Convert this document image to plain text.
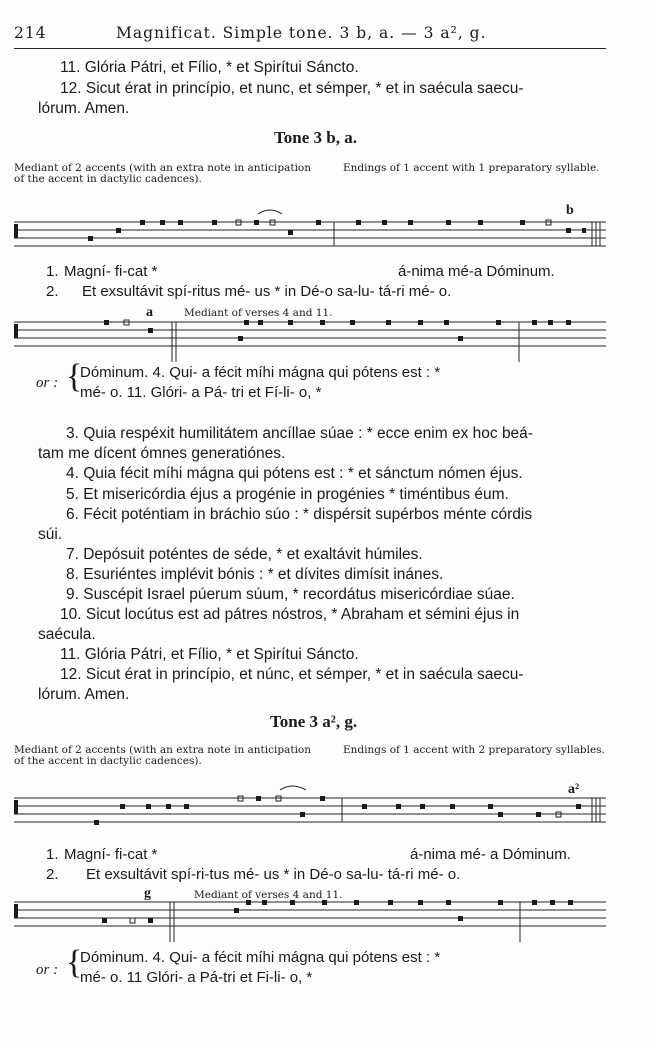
214	Magnificat. Simple tone. 3 b, a. — 3 a², g.
11. Glória Pátri, et Fílio, * et Spirítui Sáncto.
12. Sicut érat in princípio, et nunc, et sémper, * et in saécula saecu-
lórum. Amen.
Tone 3 b, a.
Mediant of 2 accents (with an extra note in anticipation of the accent in dactylic cadences).
Endings of 1 accent with 1 preparatory syllable.
b
1. Magní- fi-cat *	á-nima mé-a Dóminum.
2. Et exsultávit spí-ritus mé- us * in Dé-o sa-lu- tá-ri mé- o.
a	Mediant of verses 4 and 11.
or : {
Dóminum. 4. Qui- a fécit míhi mágna qui pótens est : *
mé- o. 11. Glóri- a Pá- tri et Fí-li- o, *
3. Quia respéxit humilitátem ancíllae súae : * ecce enim ex hoc beá-
tam me dícent ómnes generatiónes.
4. Quia fécit míhi mágna qui pótens est : * et sánctum nómen éjus.
5. Et misericórdia éjus a progénie in progénies * timéntibus éum.
6. Fécit poténtiam in bráchio súo : * dispérsit supérbos ménte córdis
súi.
7. Depósuit poténtes de séde, * et exaltávit húmiles.
8. Esuriéntes implévit bónis : * et dívites dimísit inánes.
9. Suscépit Israel púerum súum, * recordátus misericórdiae súae.
10. Sicut locútus est ad pátres nóstros, * Abraham et sémini éjus in
saécula.
11. Glória Pátri, et Fílio, * et Spirítui Sáncto.
12. Sicut érat in princípio, et núnc, et sémper, * et in saécula saecu-
lórum. Amen.
Tone 3 a², g.
Mediant of 2 accents (with an extra note in anticipation of the accent in dactylic cadences).
Endings of 1 accent with 2 preparatory syllables.
a²
1. Magní- fi-cat *	á-nima mé- a Dóminum.
2. Et exsultávit spí-ri-tus mé- us * in Dé-o sa-lu- tá-ri mé- o.
g	Mediant of verses 4 and 11.
or : {
Dóminum. 4. Qui- a fécit míhi mágna qui pótens est : *
mé- o. 11 Glóri- a Pá-tri et Fi-li- o, *
